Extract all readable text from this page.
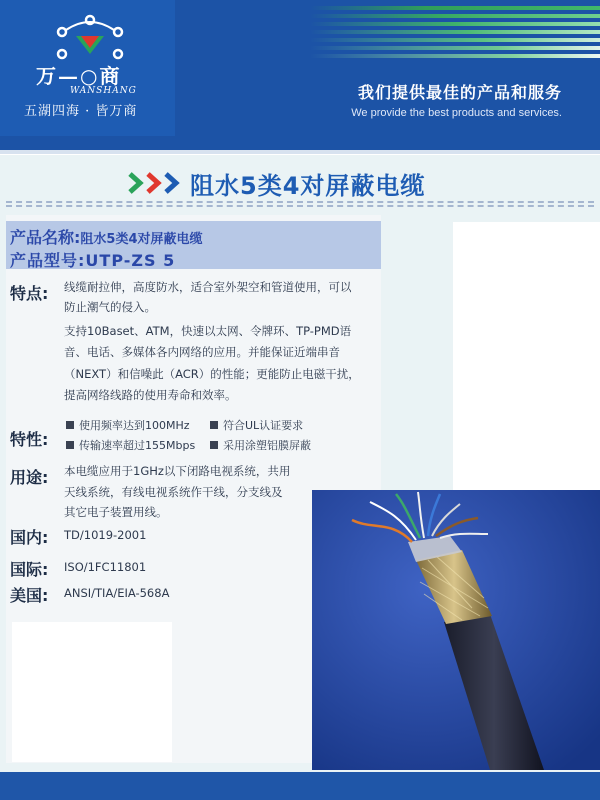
万—○商
WANSHANG
五湖四海 · 皆万商
我们提供最佳的产品和服务
We provide the best products and services.
阻水5类4对屏蔽电缆
产品名称:阻水5类4对屏蔽电缆
产品型号:UTP-ZS 5
特点: 线缆耐拉伸，高度防水，适合室外架空和管道使用，可以

防止潮气的侵入。

支持10Baset、ATM，快速以太网、令牌环、TP-PMD语

音、电话、多媒体各内网络的应用。并能保证近端串音

（NEXT）和信噪此（ACR）的性能；更能防止电磁干扰，

提高网络线路的使用寿命和效率。

特性:
使用频率达到100MHz	符合UL认证要求
传输速率超过155Mbps	采用涂塑铝膜屏蔽
用途: 本电缆应用于1GHz以下闭路电视系统，共用

天线系统，有线电视系统作干线，分支线及

其它电子装置用线。

国内: TD/1019-2001
国际: ISO/1FC11801
美国: ANSI/TIA/EIA-568A
